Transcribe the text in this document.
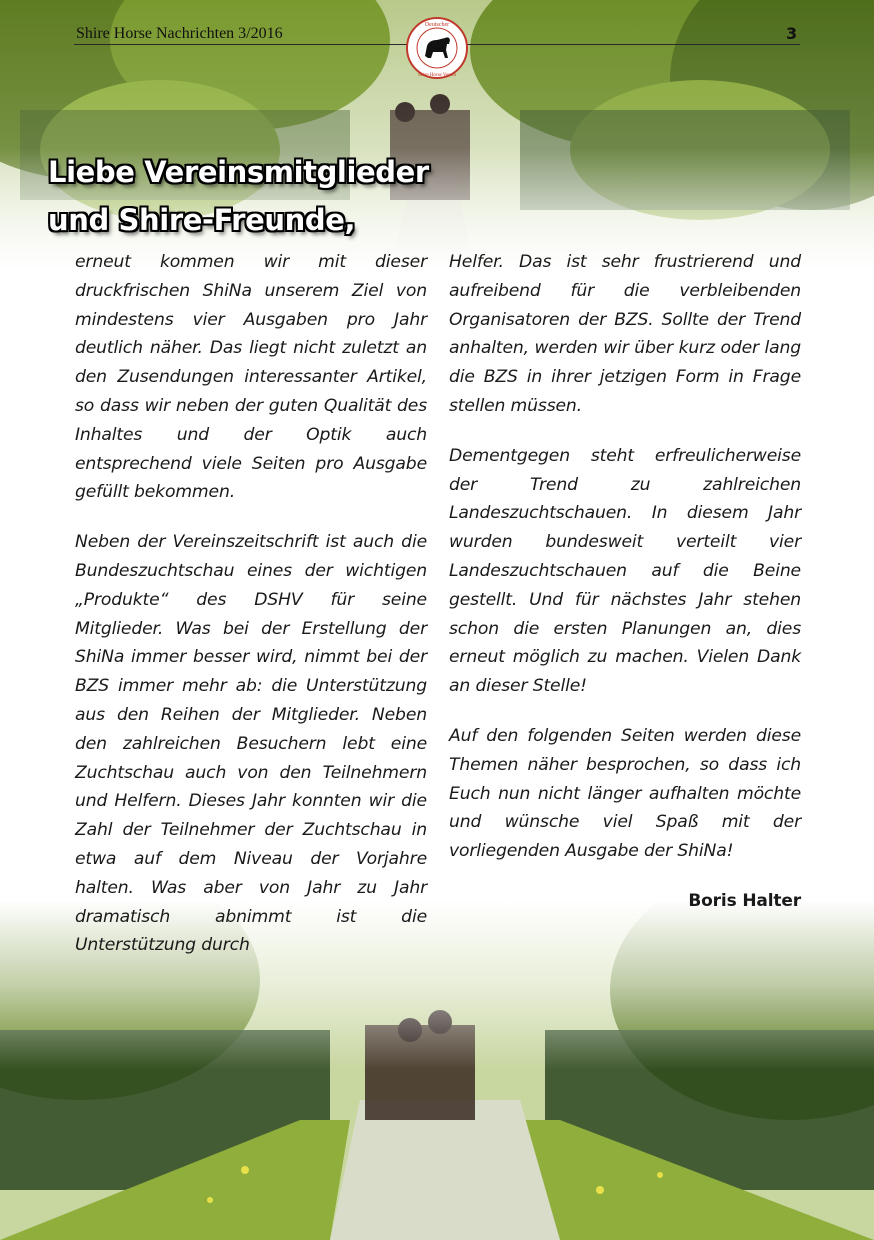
Shire Horse Nachrichten 3/2016	3
Deutscher
Shire Horse Verein
Liebe Vereinsmitglieder
und Shire-Freunde,

erneut kommen wir mit dieser druckfrischen ShiNa unserem Ziel von mindestens vier Ausgaben pro Jahr deutlich näher. Das liegt nicht zuletzt an den Zusendungen interessanter Artikel, so dass wir neben der guten Qualität des Inhaltes und der Optik auch entsprechend viele Seiten pro Ausgabe gefüllt bekommen.

Neben der Vereinszeitschrift ist auch die Bundeszuchtschau eines der wichtigen „Produkte“ des DSHV für seine Mitglieder. Was bei der Erstellung der ShiNa immer besser wird, nimmt bei der BZS immer mehr ab: die Unterstützung aus den Reihen der Mitglieder. Neben den zahlreichen Besuchern lebt eine Zuchtschau auch von den Teilnehmern und Helfern. Dieses Jahr konnten wir die Zahl der Teilnehmer der Zuchtschau in etwa auf dem Niveau der Vorjahre halten. Was aber von Jahr zu Jahr dramatisch abnimmt ist die Unterstützung durch

Helfer. Das ist sehr frustrierend und aufreibend für die verbleibenden Organisatoren der BZS. Sollte der Trend anhalten, werden wir über kurz oder lang die BZS in ihrer jetzigen Form in Frage stellen müssen.

Dementgegen steht erfreulicherweise der Trend zu zahlreichen Landeszuchtschauen. In diesem Jahr wurden bundesweit verteilt vier Landeszuchtschauen auf die Beine gestellt. Und für nächstes Jahr stehen schon die ersten Planungen an, dies erneut möglich zu machen. Vielen Dank an dieser Stelle!

Auf den folgenden Seiten werden diese Themen näher besprochen, so dass ich Euch nun nicht länger aufhalten möchte und wünsche viel Spaß mit der vorliegenden Ausgabe der ShiNa!

Boris Halter
